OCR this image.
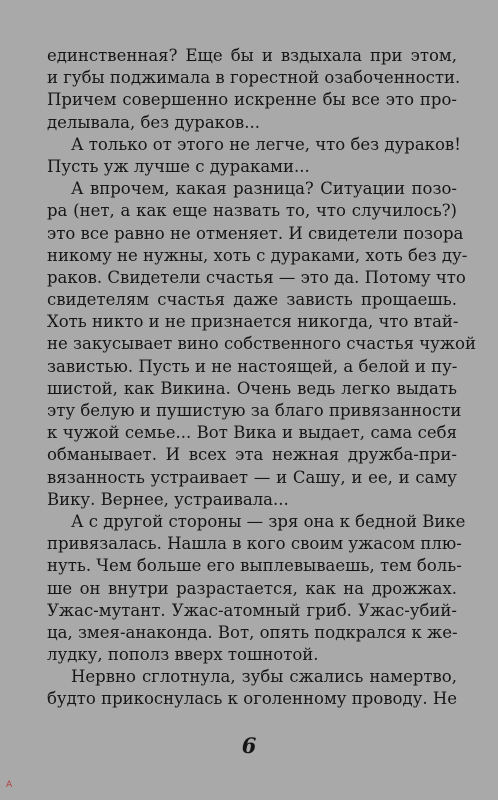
единственная? Еще бы и вздыхала при этом,
и губы поджимала в горестной озабоченности.
Причем совершенно искренне бы все это про-
делывала, без дураков...
А только от этого не легче, что без дураков!
Пусть уж лучше с дураками...
А впрочем, какая разница? Ситуации позо-
ра (нет, а как еще назвать то, что случилось?)
это все равно не отменяет. И свидетели позора
никому не нужны, хоть с дураками, хоть без ду-
раков. Свидетели счастья — это да. Потому что
свидетелям счастья даже зависть прощаешь.
Хоть никто и не признается никогда, что втай-
не закусывает вино собственного счастья чужой
завистью. Пусть и не настоящей, а белой и пу-
шистой, как Викина. Очень ведь легко выдать
эту белую и пушистую за благо привязанности
к чужой семье... Вот Вика и выдает, сама себя
обманывает. И всех эта нежная дружба-при-
вязанность устраивает — и Сашу, и ее, и саму
Вику. Вернее, устраивала...
А с другой стороны — зря она к бедной Вике
привязалась. Нашла в кого своим ужасом плю-
нуть. Чем больше его выплевываешь, тем боль-
ше он внутри разрастается, как на дрожжах.
Ужас-мутант. Ужас-атомный гриб. Ужас-убий-
ца, змея-анаконда. Вот, опять подкрался к же-
лудку, пополз вверх тошнотой.
Нервно сглотнула, зубы сжались намертво,
будто прикоснулась к оголенному проводу. Не
6
A
